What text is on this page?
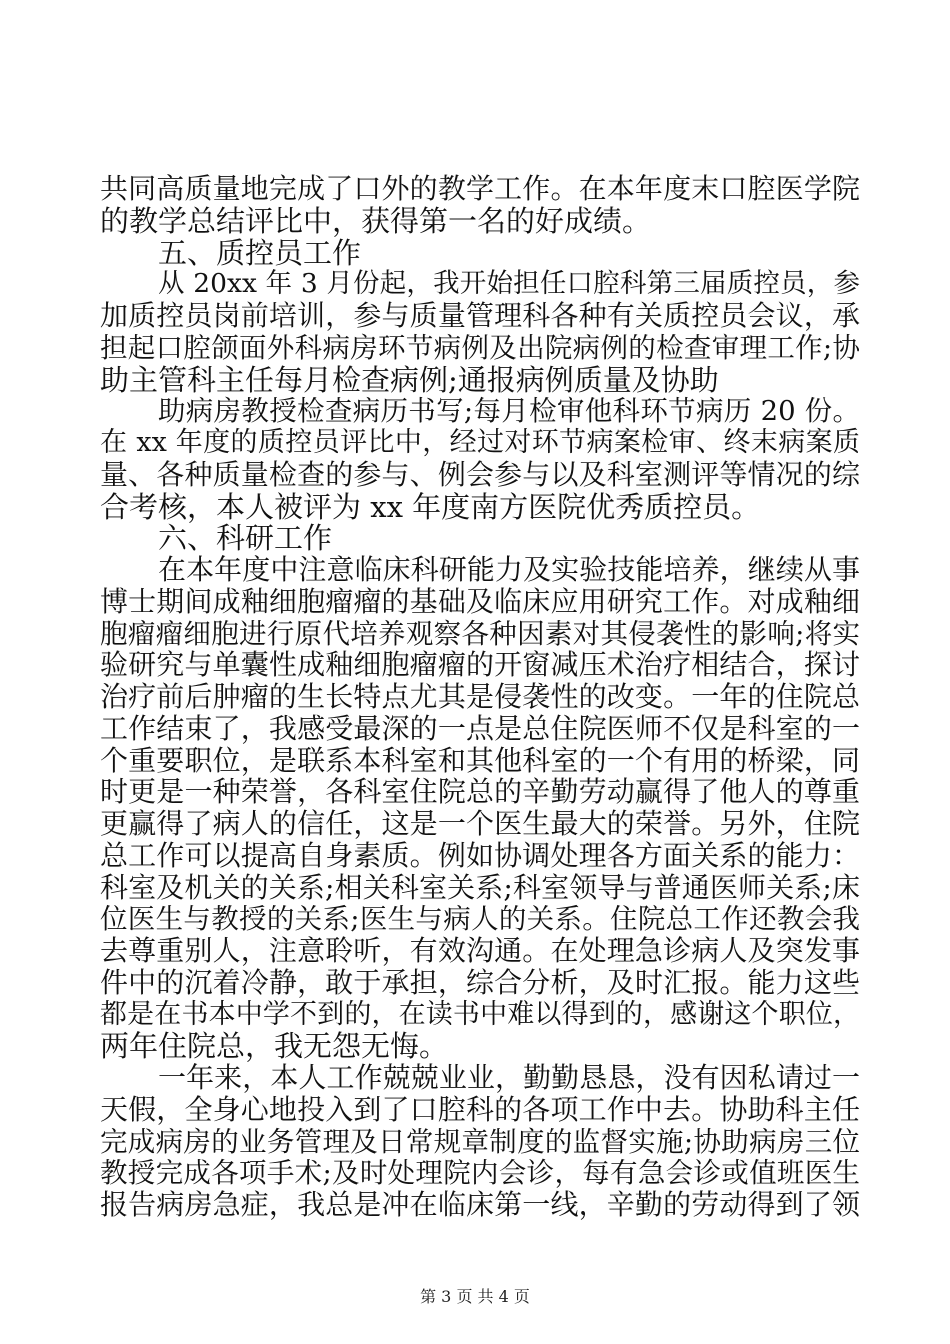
共同高质量地完成了口外的教学工作。在本年度末口腔医学院
的教学总结评比中，获得第一名的好成绩。
五、质控员工作
从 20xx 年 3 月份起，我开始担任口腔科第三届质控员，参
加质控员岗前培训，参与质量管理科各种有关质控员会议，承
担起口腔颌面外科病房环节病例及出院病例的检查审理工作;协
助主管科主任每月检查病例;通报病例质量及协助
助病房教授检查病历书写;每月检审他科环节病历 20 份。
在 xx 年度的质控员评比中，经过对环节病案检审、终末病案质
量、各种质量检查的参与、例会参与以及科室测评等情况的综
合考核，本人被评为 xx 年度南方医院优秀质控员。
六、科研工作
在本年度中注意临床科研能力及实验技能培养，继续从事
博士期间成釉细胞瘤瘤的基础及临床应用研究工作。对成釉细
胞瘤瘤细胞进行原代培养观察各种因素对其侵袭性的影响;将实
验研究与单囊性成釉细胞瘤瘤的开窗减压术治疗相结合，探讨
治疗前后肿瘤的生长特点尤其是侵袭性的改变。一年的住院总
工作结束了，我感受最深的一点是总住院医师不仅是科室的一
个重要职位，是联系本科室和其他科室的一个有用的桥梁，同
时更是一种荣誉，各科室住院总的辛勤劳动赢得了他人的尊重
更赢得了病人的信任，这是一个医生最大的荣誉。另外，住院
总工作可以提高自身素质。例如协调处理各方面关系的能力：
科室及机关的关系;相关科室关系;科室领导与普通医师关系;床
位医生与教授的关系;医生与病人的关系。住院总工作还教会我
去尊重别人，注意聆听，有效沟通。在处理急诊病人及突发事
件中的沉着冷静，敢于承担，综合分析，及时汇报。能力这些
都是在书本中学不到的，在读书中难以得到的，感谢这个职位，
两年住院总，我无怨无悔。
一年来，本人工作兢兢业业，勤勤恳恳，没有因私请过一
天假，全身心地投入到了口腔科的各项工作中去。协助科主任
完成病房的业务管理及日常规章制度的监督实施;协助病房三位
教授完成各项手术;及时处理院内会诊，每有急会诊或值班医生
报告病房急症，我总是冲在临床第一线，辛勤的劳动得到了领
第 3 页 共 4 页
